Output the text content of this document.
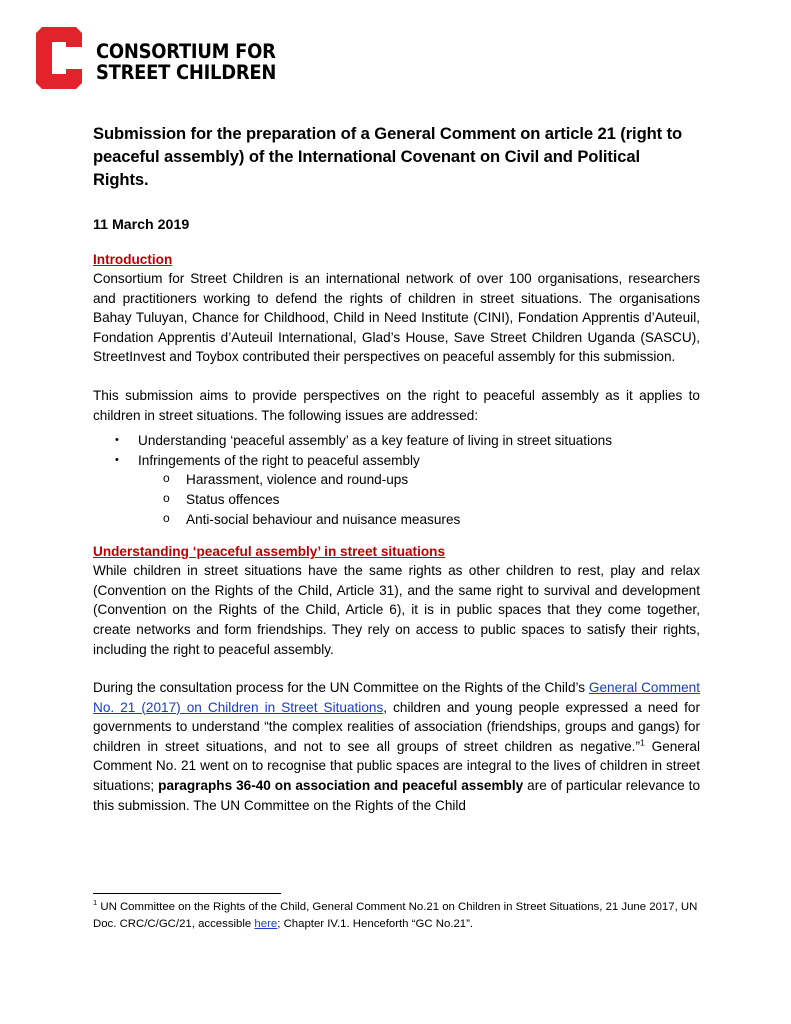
CONSORTIUM FOR
STREET CHILDREN
Submission for the preparation of a General Comment on article 21 (right to peaceful assembly) of the International Covenant on Civil and Political Rights.
11 March 2019
Introduction

Consortium for Street Children is an international network of over 100 organisations, researchers and practitioners working to defend the rights of children in street situations. The organisations Bahay Tuluyan, Chance for Childhood, Child in Need Institute (CINI), Fondation Apprentis d’Auteuil, Fondation Apprentis d’Auteuil International, Glad’s House, Save Street Children Uganda (SASCU), StreetInvest and Toybox contributed their perspectives on peaceful assembly for this submission.

This submission aims to provide perspectives on the right to peaceful assembly as it applies to children in street situations. The following issues are addressed:

• Understanding ‘peaceful assembly’ as a key feature of living in street situations
• Infringements of the right to peaceful assembly
o Harassment, violence and round-ups
o Status offences
o Anti-social behaviour and nuisance measures
Understanding ‘peaceful assembly’ in street situations

While children in street situations have the same rights as other children to rest, play and relax (Convention on the Rights of the Child, Article 31), and the same right to survival and development (Convention on the Rights of the Child, Article 6), it is in public spaces that they come together, create networks and form friendships. They rely on access to public spaces to satisfy their rights, including the right to peaceful assembly.

During the consultation process for the UN Committee on the Rights of the Child’s General Comment No. 21 (2017) on Children in Street Situations, children and young people expressed a need for governments to understand “the complex realities of association (friendships, groups and gangs) for children in street situations, and not to see all groups of street children as negative.”$^1$ General Comment No. 21 went on to recognise that public spaces are integral to the lives of children in street situations; paragraphs 36-40 on association and peaceful assembly are of particular relevance to this submission. The UN Committee on the Rights of the Child

$^1$ UN Committee on the Rights of the Child, General Comment No.21 on Children in Street Situations, 21 June 2017, UN Doc. CRC/C/GC/21, accessible here; Chapter IV.1. Henceforth “GC No.21”.
